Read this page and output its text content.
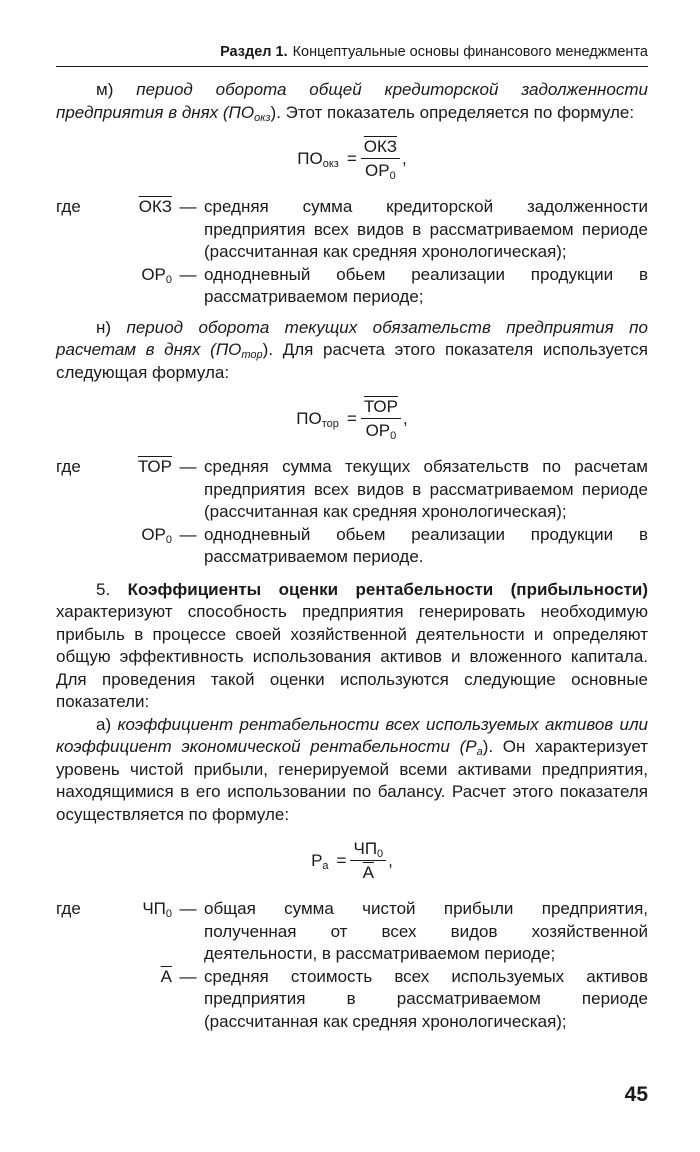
Раздел 1. Концептуальные основы финансового менеджмента

м) период оборота общей кредиторской задолженности предприятия в днях $(ПО_{окз})$. Этот показатель определяется по формуле:

$ПО_{окз} = \frac{\text{ОКЗ}}{ОР_0}$ ,
где	ОКЗ — средняя сумма кредиторской задолженности предприятия всех видов в рассматриваемом периоде (рассчитанная как средняя хронологическая);
$ОР_0$ — однодневный обьем реализации продукции в рассматриваемом периоде;

н) период оборота текущих обязательств предприятия по расчетам в днях $(ПО_{тор})$. Для расчета этого показателя используется следующая формула:

$ПО_{тор} = \frac{\text{ТОР}}{ОР_0}$ ,
где	ТОР — средняя сумма текущих обязательств по расчетам предприятия всех видов в рассматриваемом периоде (рассчитанная как средняя хронологическая);
$ОР_0$ — однодневный обьем реализации продукции в рассматриваемом периоде.

5. Коэффициенты оценки рентабельности (прибыльности) характеризуют способность предприятия генерировать необходимую прибыль в процессе своей хозяйственной деятельности и определяют общую эффективность использования активов и вложенного капитала. Для проведения такой оценки используются следующие основные показатели:

а) коэффициент рентабельности всех используемых активов или коэффициент экономической рентабельности $(Р_а)$. Он характеризует уровень чистой прибыли, генерируемой всеми активами предприятия, находящимися в его использовании по балансу. Расчет этого показателя осуществляется по формуле:

$Р_а = \frac{ЧП_0}{А}$ ,
где	$ЧП_0$ — общая сумма чистой прибыли предприятия, полученная от всех видов хозяйственной деятельности, в рассматриваемом периоде;
А — средняя стоимость всех используемых активов предприятия в рассматриваемом периоде (рассчитанная как средняя хронологическая);
45
